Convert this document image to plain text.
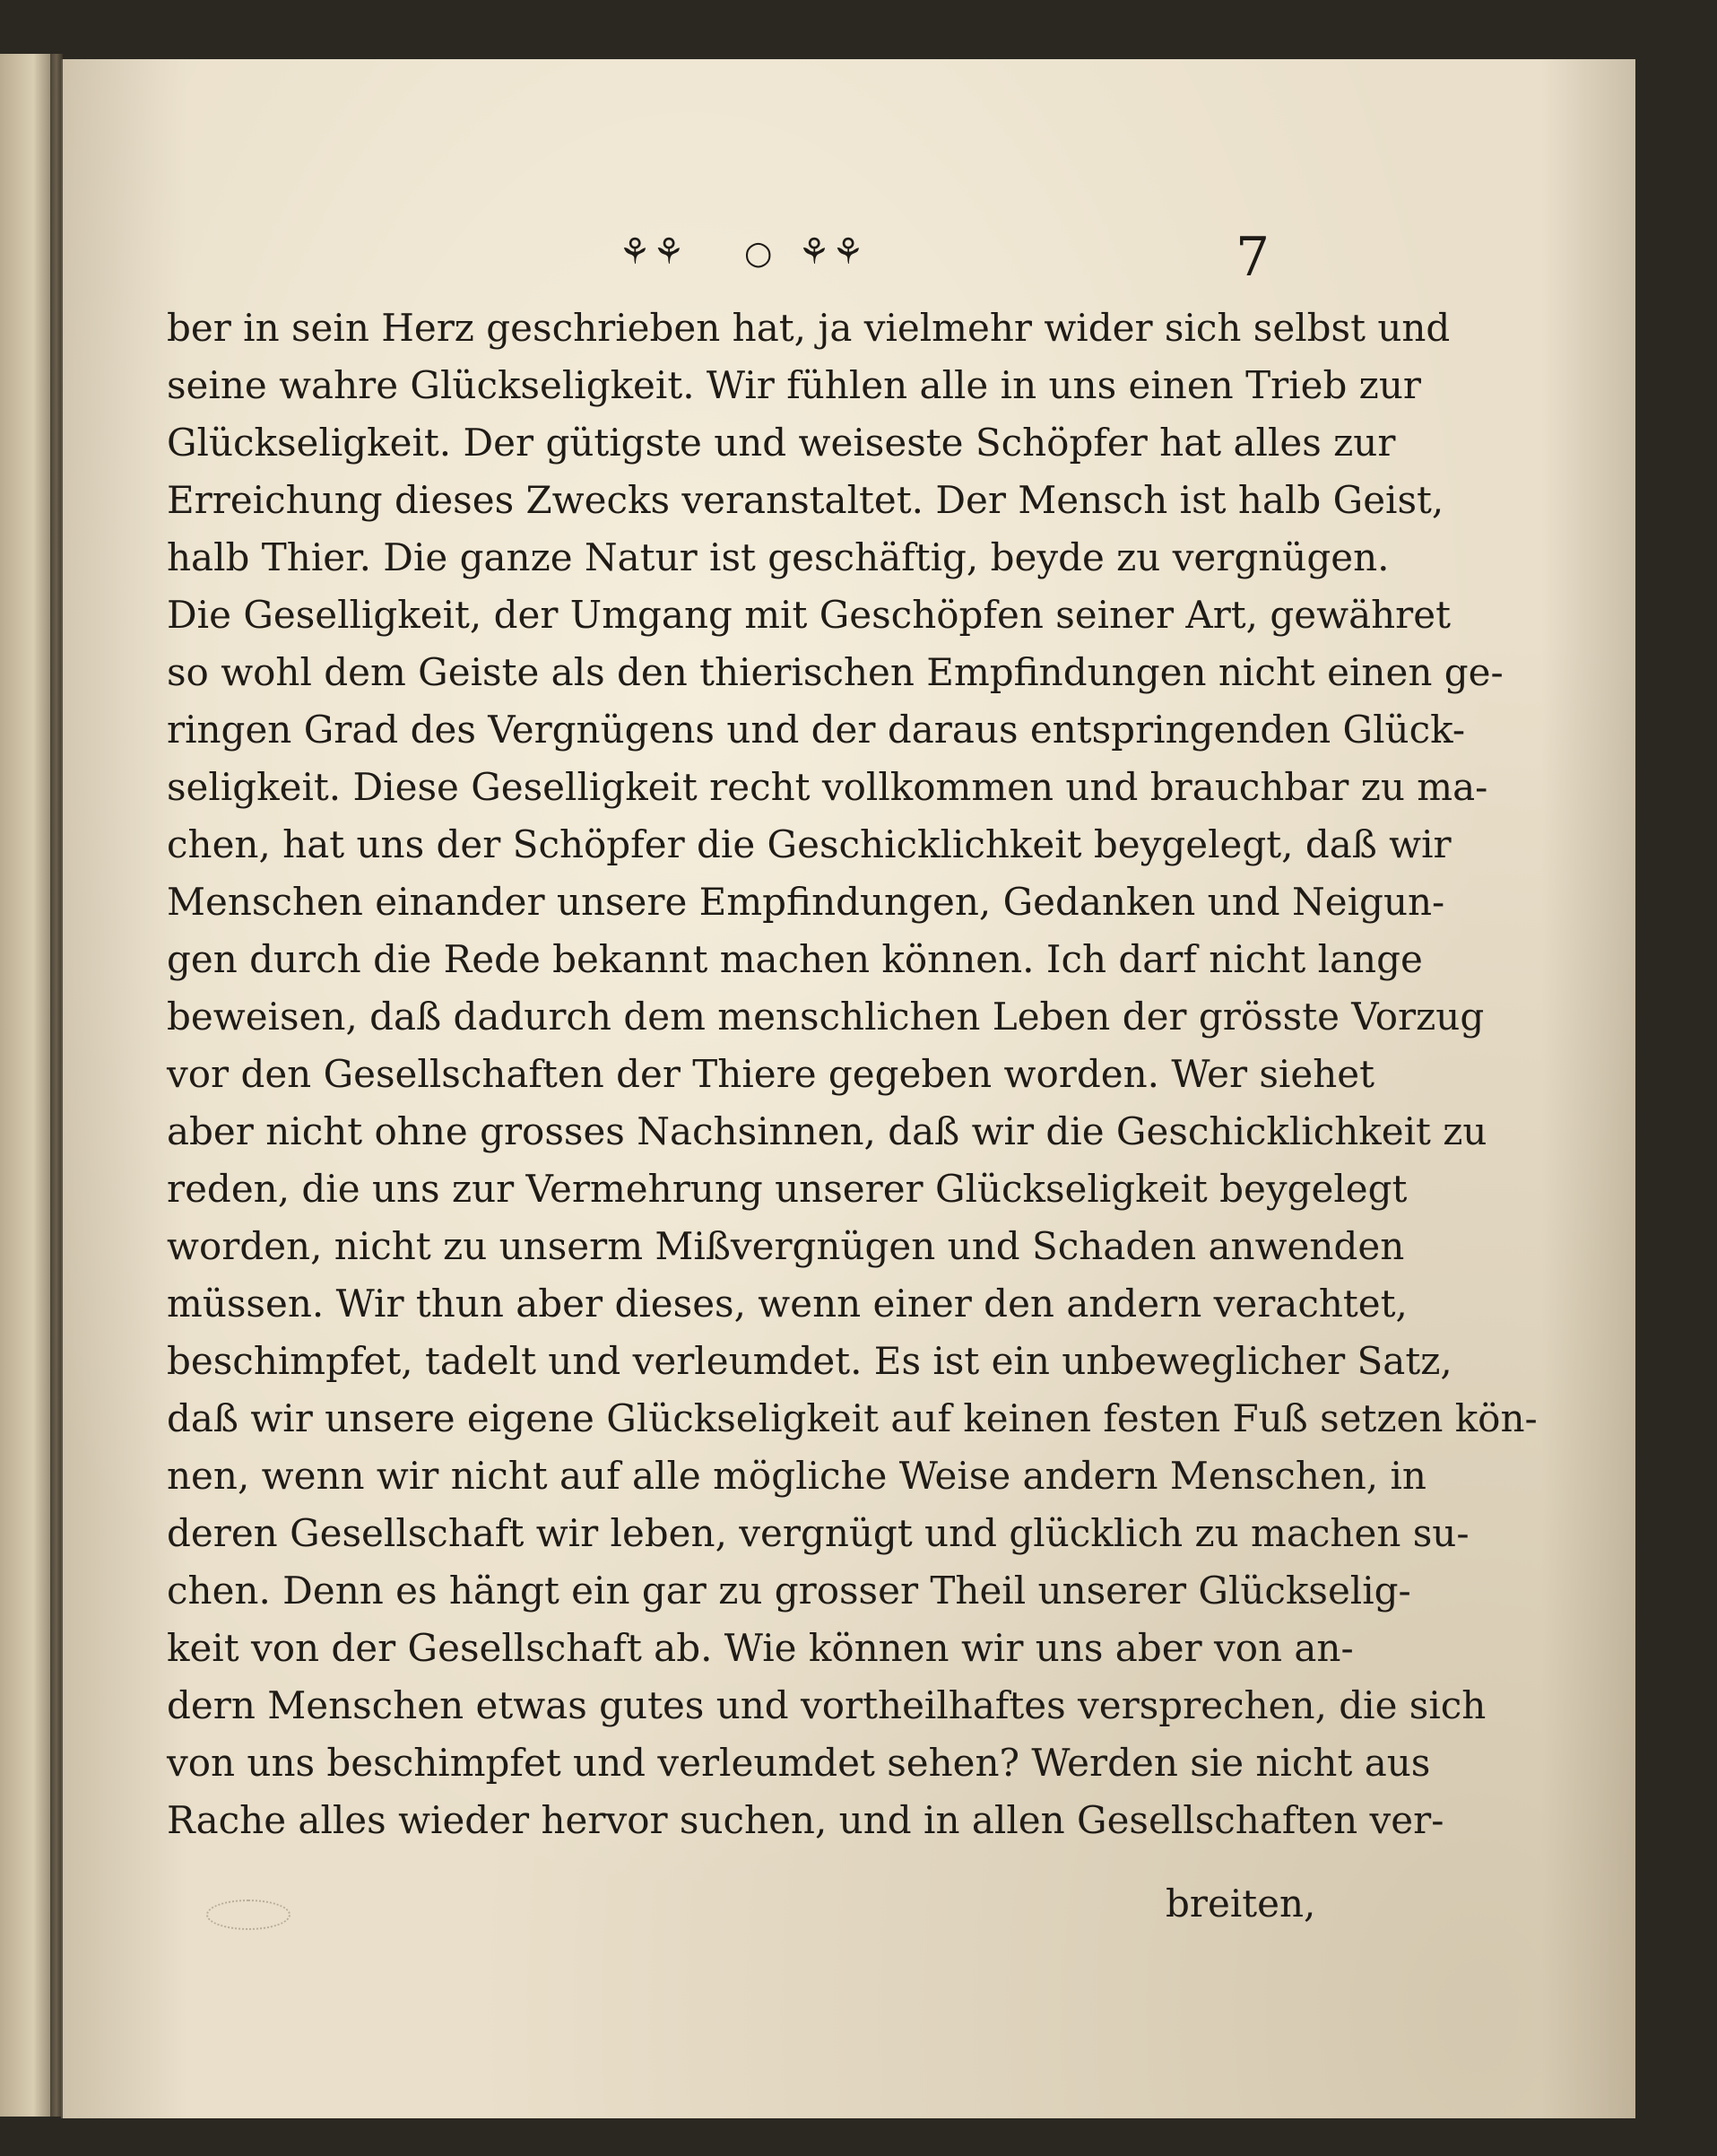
⚘⚘ ○ ⚘⚘	7
ber in sein Herz geschrieben hat, ja vielmehr wider sich selbst und
seine wahre Glückseligkeit. Wir fühlen alle in uns einen Trieb zur
Glückseligkeit. Der gütigste und weiseste Schöpfer hat alles zur
Erreichung dieses Zwecks veranstaltet. Der Mensch ist halb Geist,
halb Thier. Die ganze Natur ist geschäftig, beyde zu vergnügen.
Die Geselligkeit, der Umgang mit Geschöpfen seiner Art, gewähret
so wohl dem Geiste als den thierischen Empfindungen nicht einen ge-
ringen Grad des Vergnügens und der daraus entspringenden Glück-
seligkeit. Diese Geselligkeit recht vollkommen und brauchbar zu ma-
chen, hat uns der Schöpfer die Geschicklichkeit beygelegt, daß wir
Menschen einander unsere Empfindungen, Gedanken und Neigun-
gen durch die Rede bekannt machen können. Ich darf nicht lange
beweisen, daß dadurch dem menschlichen Leben der grösste Vorzug
vor den Gesellschaften der Thiere gegeben worden. Wer siehet
aber nicht ohne grosses Nachsinnen, daß wir die Geschicklichkeit zu
reden, die uns zur Vermehrung unserer Glückseligkeit beygelegt
worden, nicht zu unserm Mißvergnügen und Schaden anwenden
müssen. Wir thun aber dieses, wenn einer den andern verachtet,
beschimpfet, tadelt und verleumdet. Es ist ein unbeweglicher Satz,
daß wir unsere eigene Glückseligkeit auf keinen festen Fuß setzen kön-
nen, wenn wir nicht auf alle mögliche Weise andern Menschen, in
deren Gesellschaft wir leben, vergnügt und glücklich zu machen su-
chen. Denn es hängt ein gar zu grosser Theil unserer Glückselig-
keit von der Gesellschaft ab. Wie können wir uns aber von an-
dern Menschen etwas gutes und vortheilhaftes versprechen, die sich
von uns beschimpfet und verleumdet sehen? Werden sie nicht aus
Rache alles wieder hervor suchen, und in allen Gesellschaften ver-
breiten,
